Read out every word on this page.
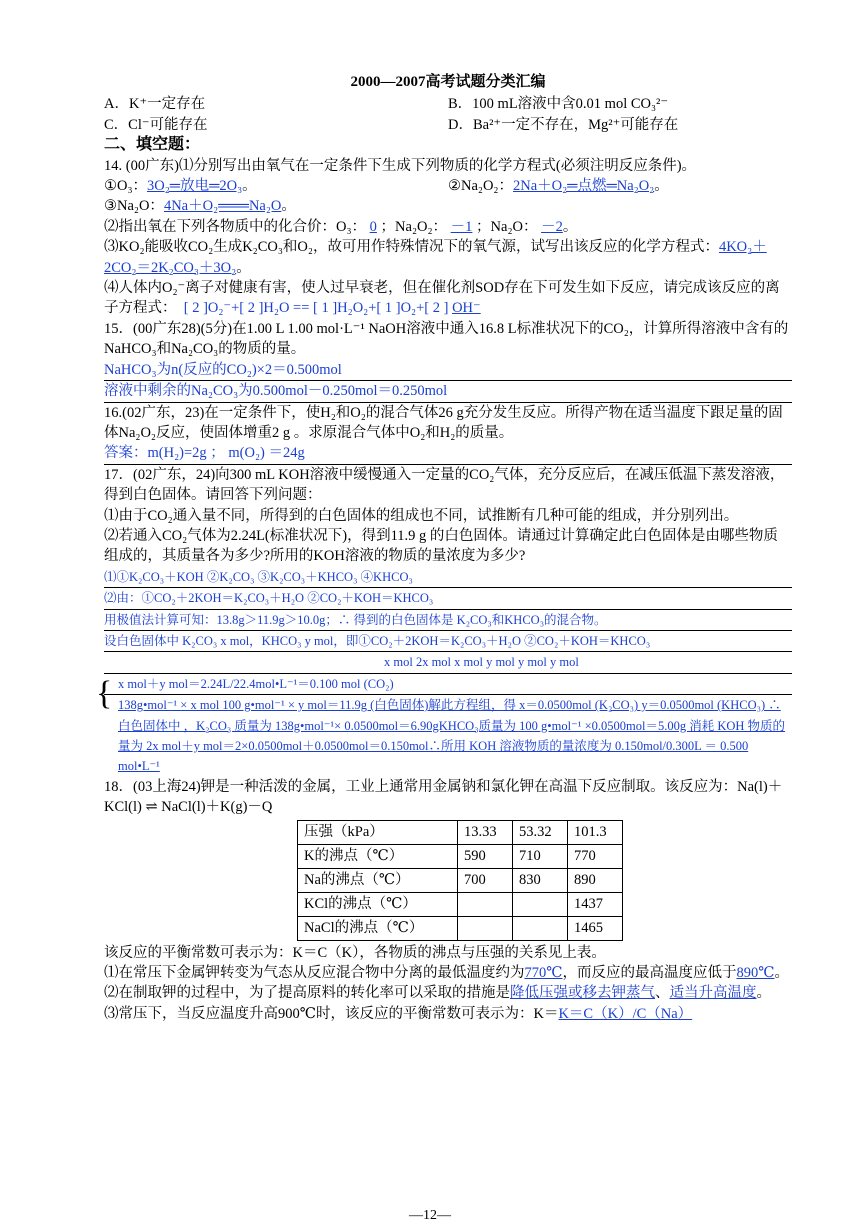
2000—2007高考试题分类汇编
A．K⁺一定存在	B．100 mL溶液中含0.01 mol CO₃²⁻
C．Cl⁻可能存在	D．Ba²⁺一定不存在，Mg²⁺可能存在
二、填空题：
14. (00广东)⑴分别写出由氧气在一定条件下生成下列物质的化学方程式(必须注明反应条件)。
①O₃：3O₂═放电═2O₃。	②Na₂O₂：2Na＋O₂═点燃═Na₂O₂。
③Na₂O：4Na＋O₂═══Na₂O。
⑵指出氧在下列各物质中的化合价：O₃： 0 ；Na₂O₂： －1 ；Na₂O： －2。
⑶KO₂能吸收CO₂生成K₂CO₃和O₂，故可用作特殊情况下的氧气源，试写出该反应的化学方程式：4KO₂＋2CO₂＝2K₂CO₃＋3O₂。
⑷人体内O₂⁻离子对健康有害，使人过早衰老，但在催化剂SOD存在下可发生如下反应，请完成该反应的离子方程式： [ 2 ]O₂⁻+[ 2 ]H₂O == [ 1 ]H₂O₂+[ 1 ]O₂+[ 2 ] OH⁻
15．(00广东28)(5分)在1.00 L 1.00 mol·L⁻¹ NaOH溶液中通入16.8 L标准状况下的CO₂，计算所得溶液中含有的NaHCO₃和Na₂CO₃的物质的量。
NaHCO₃为n(反应的CO₂)×2＝0.500mol
溶液中剩余的Na₂CO₃为0.500mol－0.250mol＝0.250mol
16.(02广东，23)在一定条件下，使H₂和O₂的混合气体26 g充分发生反应。所得产物在适当温度下跟足量的固体Na₂O₂反应，使固体增重2 g 。求原混合气体中O₂和H₂的质量。
答案：m(H₂)=2g ； m(O₂) ＝24g
17．(02广东，24)向300 mL KOH溶液中缓慢通入一定量的CO₂气体，充分反应后，在减压低温下蒸发溶液，得到白色固体。请回答下列问题：
⑴由于CO₂通入量不同，所得到的白色固体的组成也不同，试推断有几种可能的组成，并分别列出。
⑵若通入CO₂气体为2.24L(标准状况下)，得到11.9 g 的白色固体。请通过计算确定此白色固体是由哪些物质组成的，其质量各为多少?所用的KOH溶液的物质的量浓度为多少?
⑴①K₂CO₃＋KOH ②K₂CO₃ ③K₂CO₃＋KHCO₃ ④KHCO₃
⑵由：①CO₂＋2KOH＝K₂CO₃＋H₂O ②CO₂＋KOH＝KHCO₃
用极值法计算可知：13.8g＞11.9g＞10.0g；∴ 得到的白色固体是 K₂CO₃和KHCO₃的混合物。
设白色固体中 K₂CO₃ x mol，KHCO₃ y mol，即①CO₂＋2KOH＝K₂CO₃＋H₂O ②CO₂＋KOH＝KHCO₃
x mol 2x mol x mol y mol y mol y mol
{ x mol＋y mol＝2.24L/22.4mol•L⁻¹＝0.100 mol (CO₂)
138g•mol⁻¹ × x mol 100 g•mol⁻¹ × y mol＝11.9g (白色固体)解此方程组，得 x＝0.0500mol (K₂CO₃) y＝0.0500mol (KHCO₃) ∴ 白色固体中 ，K₂CO₃ 质量为 138g•mol⁻¹× 0.0500mol＝6.90gKHCO₃质量为 100 g•mol⁻¹ ×0.0500mol＝5.00g 消耗 KOH 物质的量为 2x mol＋y mol＝2×0.0500mol＋0.0500mol＝0.150mol∴所用 KOH 溶液物质的量浓度为 0.150mol/0.300L ＝ 0.500 mol•L⁻¹
18．(03上海24)钾是一种活泼的金属，工业上通常用金属钠和氯化钾在高温下反应制取。该反应为：Na(l)＋KCl(l) ⇌ NaCl(l)＋K(g)－Q
压强（kPa）	13.33	53.32	101.3
K的沸点（℃）	590	710	770
Na的沸点（℃）	700	830	890
KCl的沸点（℃）			1437
NaCl的沸点（℃）			1465
该反应的平衡常数可表示为：K＝C（K），各物质的沸点与压强的关系见上表。
⑴在常压下金属钾转变为气态从反应混合物中分离的最低温度约为770℃，而反应的最高温度应低于890℃。
⑵在制取钾的过程中，为了提高原料的转化率可以采取的措施是降低压强或移去钾蒸气、适当升高温度。
⑶常压下，当反应温度升高900℃时，该反应的平衡常数可表示为：K＝K＝C（K）/C（Na）
—12—
